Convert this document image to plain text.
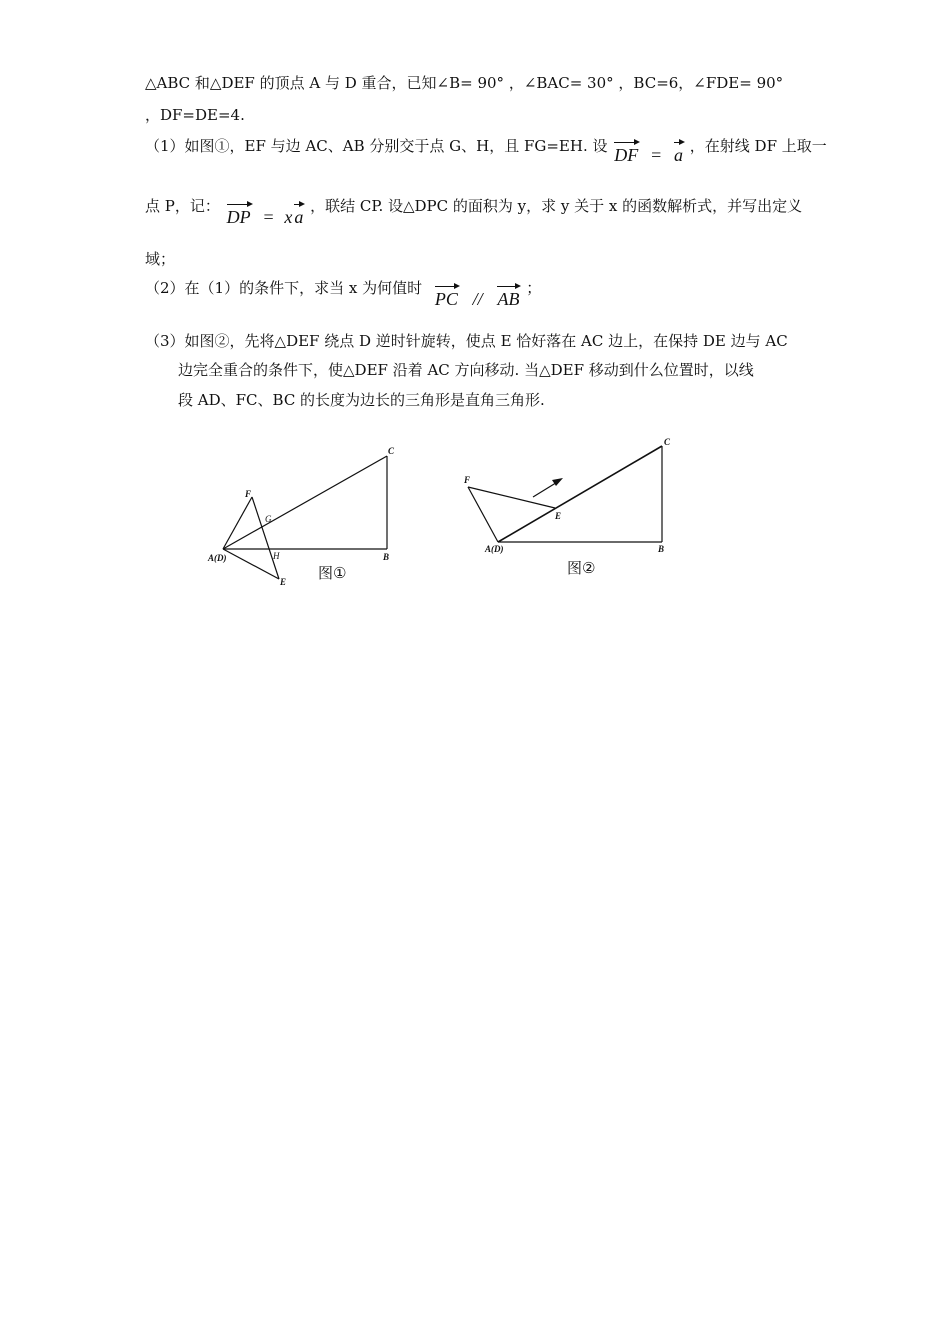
△ABC 和△DEF 的顶点 A 与 D 重合，已知∠B= 90° ，∠BAC= 30° ，BC=6，∠FDE= 90°
，DF=DE=4.
（1）如图①，EF 与边 AC、AB 分别交于点 G、H，且 FG=EH. 设 DF = a ，在射线 DF 上取一
点 P，记： DP = x a ，联结 CP. 设△DPC 的面积为 y，求 y 关于 x 的函数解析式，并写出定义
域；
（2）在（1）的条件下，求当 x 为何值时 PC // AB ；
（3）如图②，先将△DEF 绕点 D 逆时针旋转，使点 E 恰好落在 AC 边上，在保持 DE 边与 AC
边完全重合的条件下，使△DEF 沿着 AC 方向移动. 当△DEF 移动到什么位置时，以线
段 AD、FC、BC 的长度为边长的三角形是直角三角形.
C
F
G
H
A(D)	B
E 图①
C
F
E
A(D)	B
图②
